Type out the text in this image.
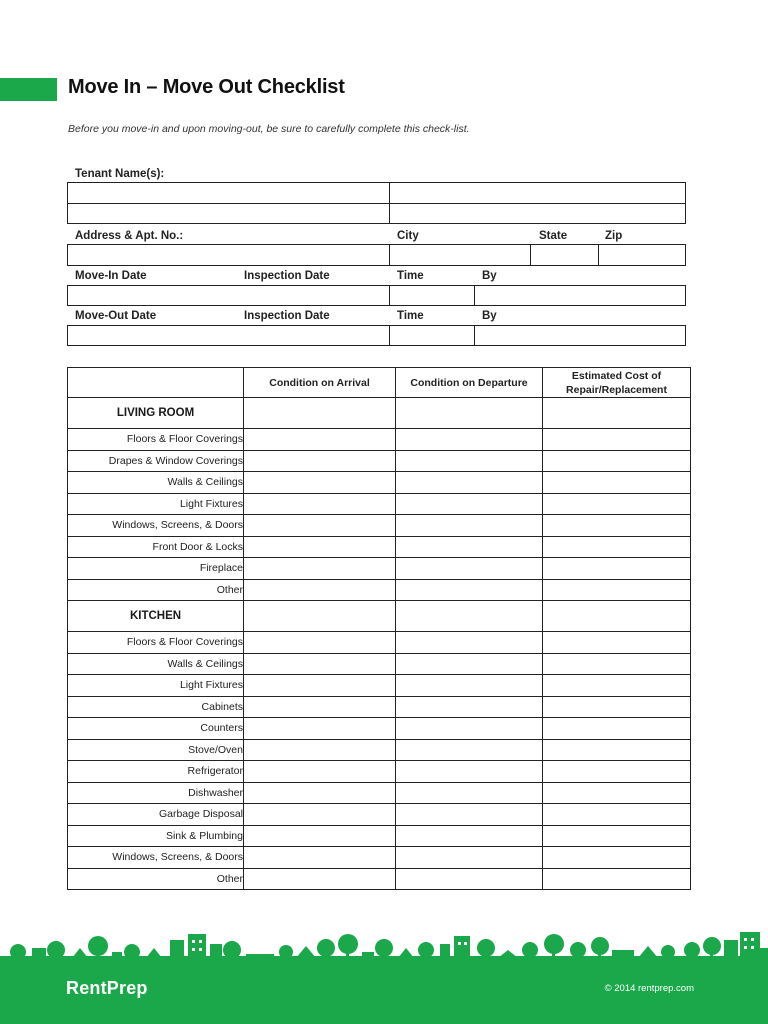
Move In – Move Out Checklist
Before you move-in and upon moving-out, be sure to carefully complete this check-list.
Tenant Name(s):
Address & Apt. No.:	City	State	Zip
Move-In Date	Inspection Date	Time	By
Move-Out Date	Inspection Date	Time	By
	Condition on Arrival	Condition on Departure	Estimated Cost of
Repair/Replacement
LIVING ROOM			
Floors & Floor Coverings			
Drapes & Window Coverings			
Walls & Ceilings			
Light Fixtures			
Windows, Screens, & Doors			
Front Door & Locks			
Fireplace			
Other			
KITCHEN			
Floors & Floor Coverings			
Walls & Ceilings			
Light Fixtures			
Cabinets			
Counters			
Stove/Oven			
Refrigerator			
Dishwasher			
Garbage Disposal			
Sink & Plumbing			
Windows, Screens, & Doors			
Other			
RentPrep	© 2014 rentprep.com
